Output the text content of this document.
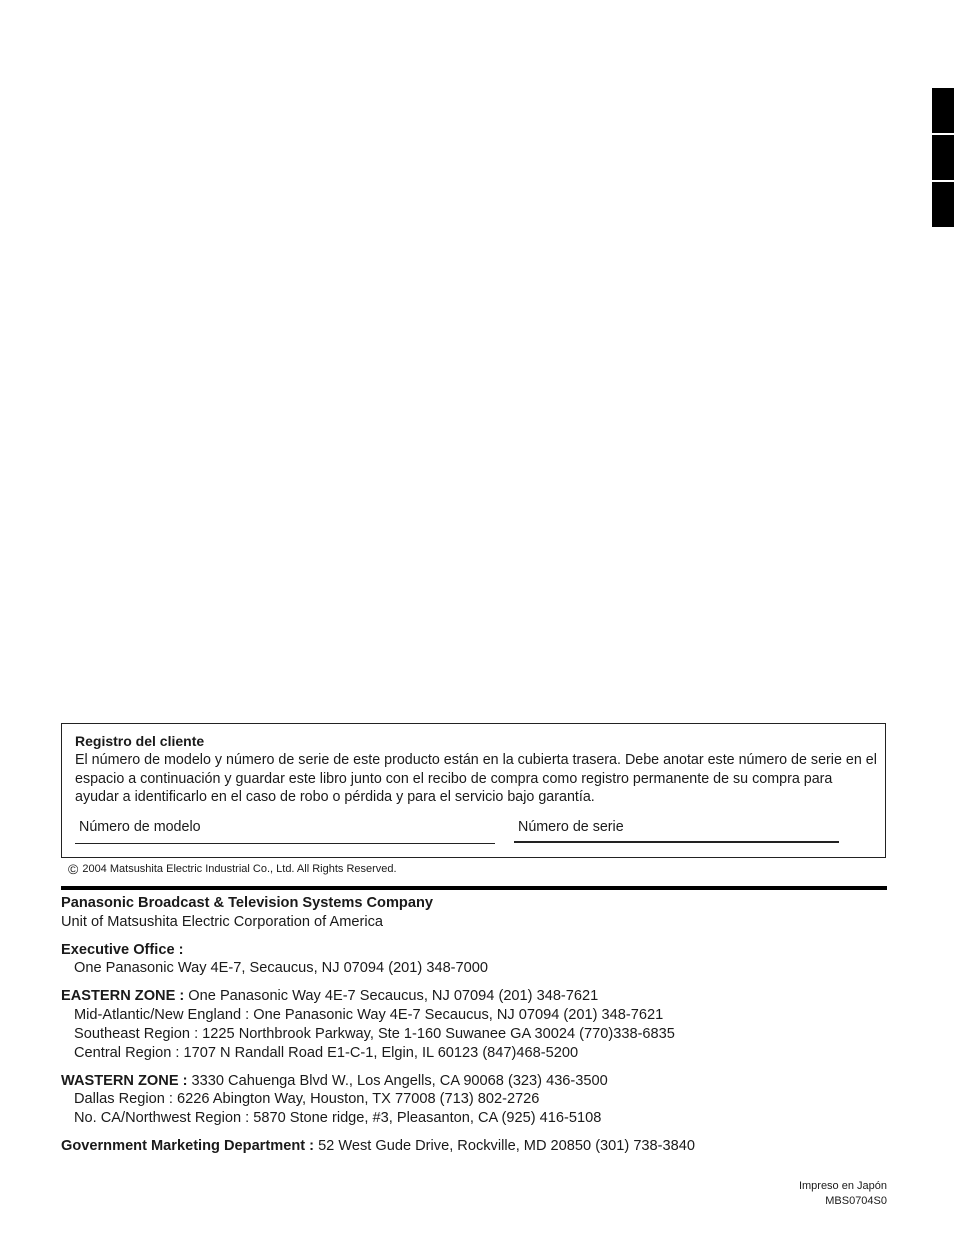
Registro del cliente
El número de modelo y número de serie de este producto están en la cubierta trasera. Debe anotar este número de serie en el espacio a continuación y guardar este libro junto con el recibo de compra como registro permanente de su compra para ayudar a identificarlo en el caso de robo o pérdida y para el servicio bajo garantía.
Número de modelo	Número de serie
© 2004 Matsushita Electric Industrial Co., Ltd. All Rights Reserved.
Panasonic Broadcast & Television Systems Company
Unit of Matsushita Electric Corporation of America
Executive Office :
One Panasonic Way 4E-7, Secaucus, NJ 07094 (201) 348-7000
EASTERN ZONE : One Panasonic Way 4E-7 Secaucus, NJ 07094 (201) 348-7621
Mid-Atlantic/New England : One Panasonic Way 4E-7 Secaucus, NJ 07094 (201) 348-7621
Southeast Region : 1225 Northbrook Parkway, Ste 1-160 Suwanee GA 30024 (770)338-6835
Central Region : 1707 N Randall Road E1-C-1, Elgin, IL 60123 (847)468-5200
WASTERN ZONE : 3330 Cahuenga Blvd W., Los Angells, CA 90068 (323) 436-3500
Dallas Region : 6226 Abington Way, Houston, TX 77008 (713) 802-2726
No. CA/Northwest Region : 5870 Stone ridge, #3, Pleasanton, CA (925) 416-5108
Government Marketing Department : 52 West Gude Drive, Rockville, MD 20850 (301) 738-3840
Impreso en Japón
MBS0704S0
